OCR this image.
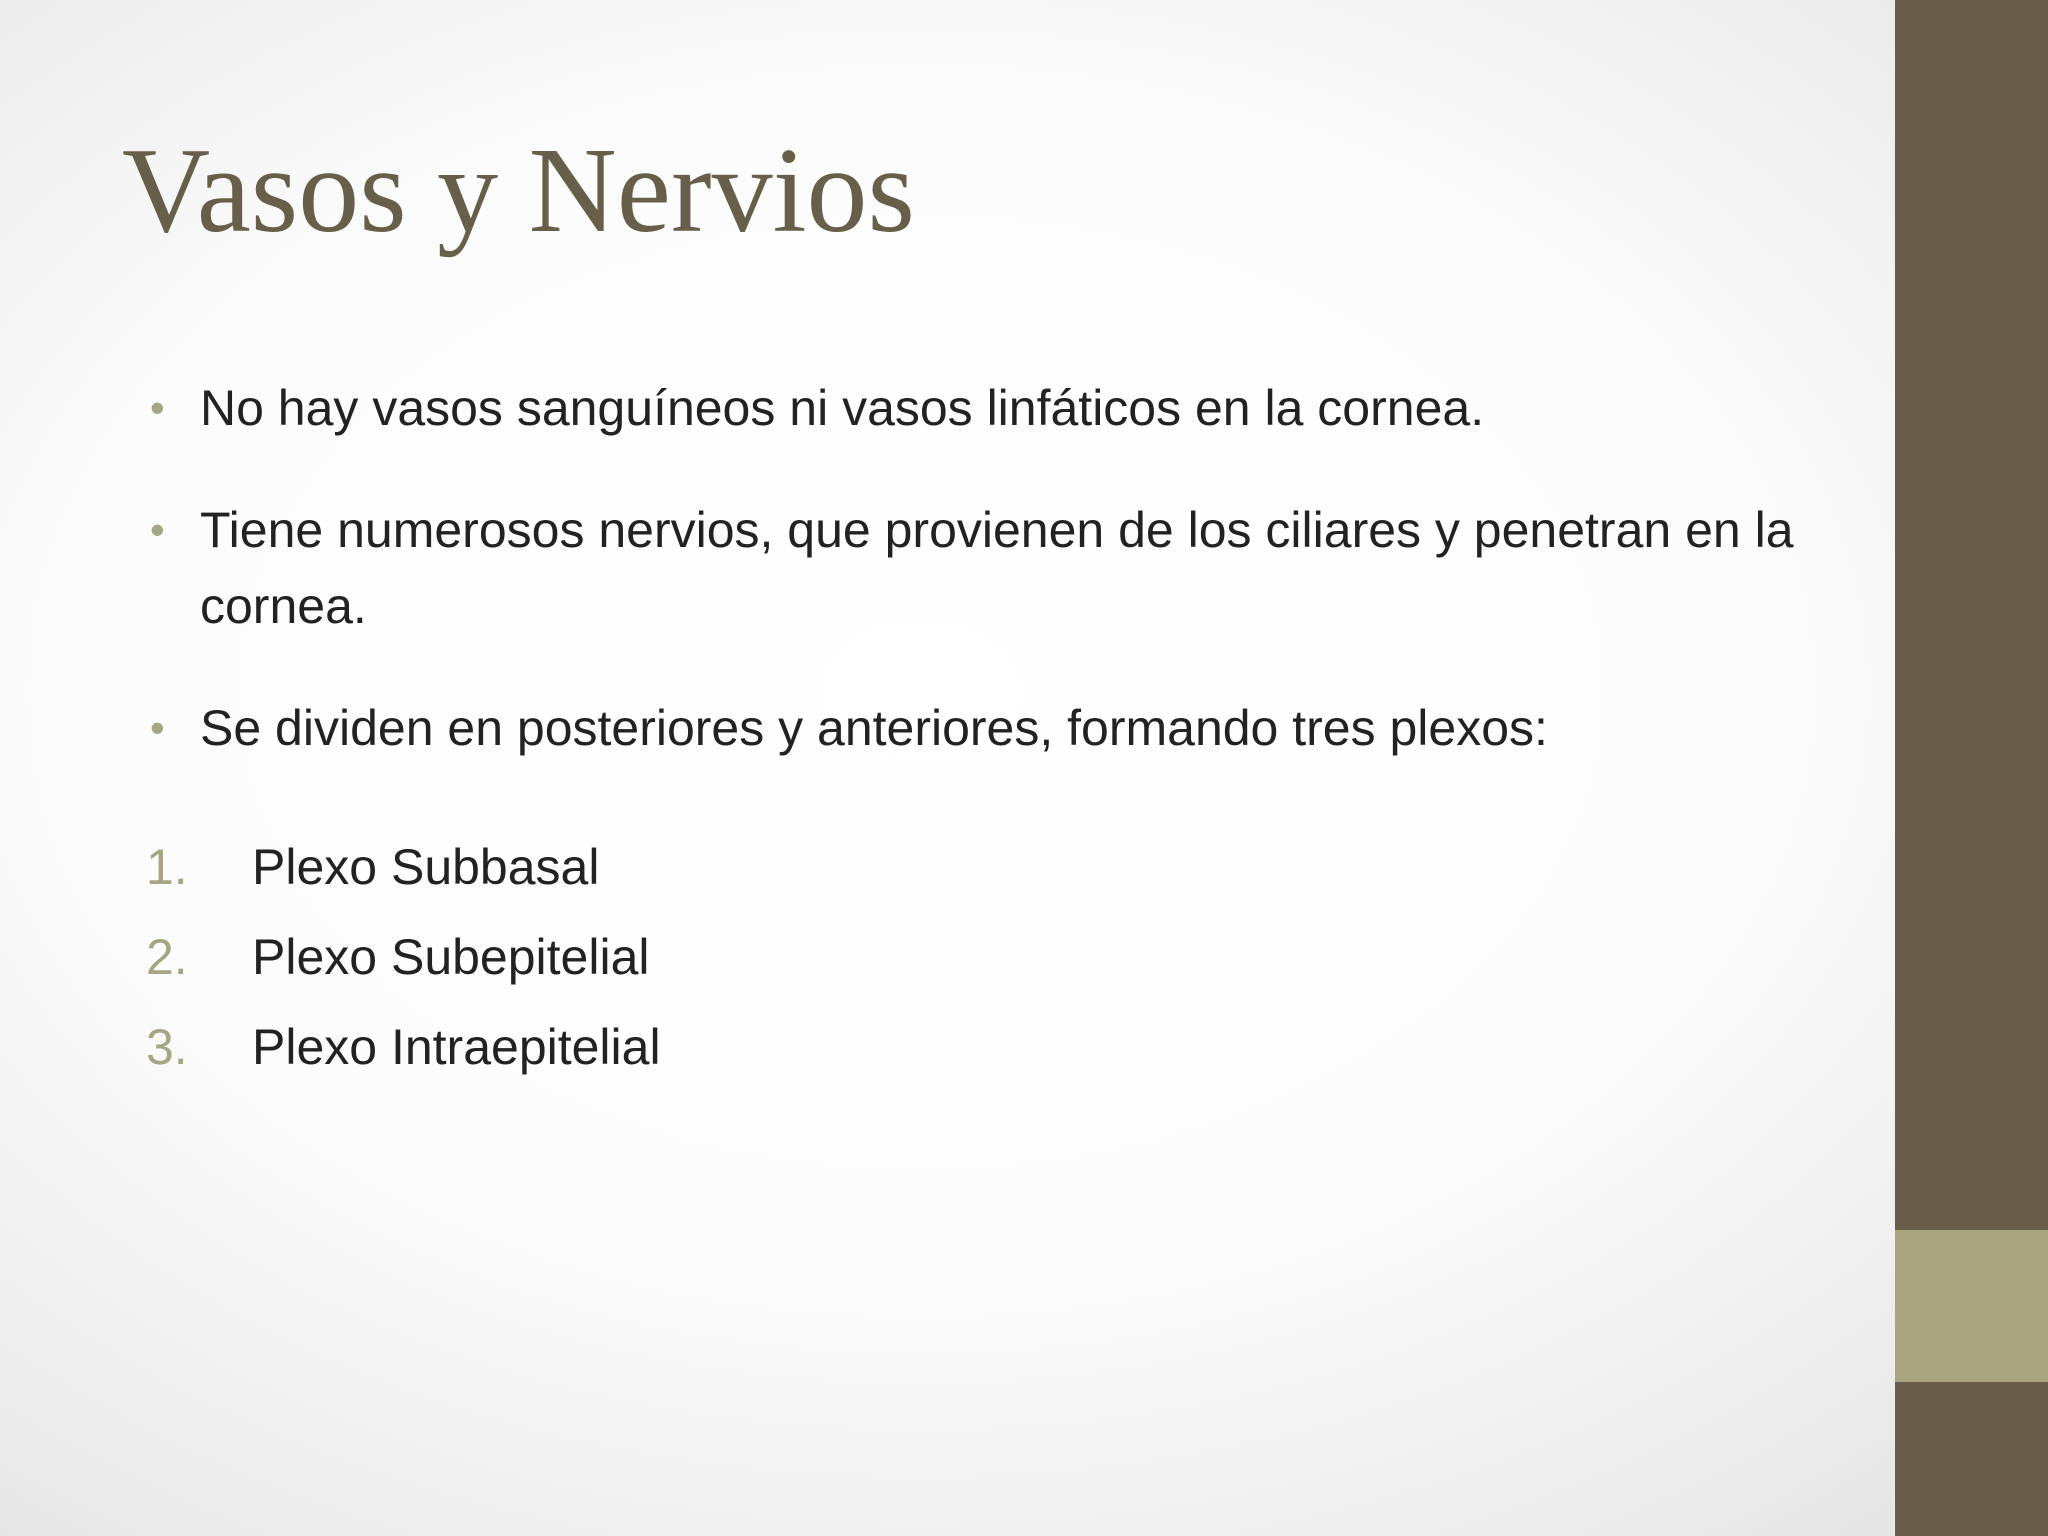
Vasos y Nervios
• No hay vasos sanguíneos ni vasos linfáticos en la cornea.
• Tiene numerosos nervios, que provienen de los ciliares y penetran en la cornea.
• Se dividen en posteriores y anteriores, formando tres plexos:
1. Plexo Subbasal
2. Plexo Subepitelial
3. Plexo Intraepitelial
